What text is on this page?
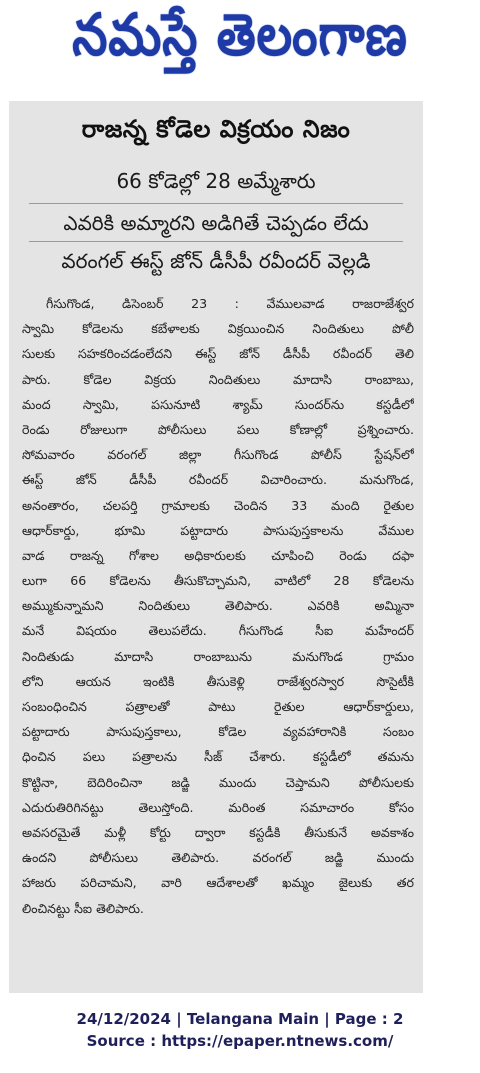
నమస్తే తెలంగాణ
రాజన్న కోడెల విక్రయం నిజం
66 కోడెల్లో 28 అమ్మేశారు
ఎవరికి అమ్మారని అడిగితే చెప్పడం లేదు
వరంగల్ ఈస్ట్ జోన్ డీసీపీ రవీందర్ వెల్లడి
గీసుగొండ, డిసెంబర్ 23 : వేములవాడ రాజరాజేశ్వర
స్వామి కోడెలను కబేళాలకు విక్రయించిన నిందితులు పోలీ
సులకు సహకరించడంలేదని ఈస్ట్ జోన్ డీసీపీ రవీందర్ తెలి
పారు. కోడెల విక్రయ నిందితులు మాదాసి రాంబాబు,
మంద స్వామి, పసునూటి శ్యామ్ సుందర్‌ను కస్టడీలో
రెండు రోజులుగా పోలీసులు పలు కోణాల్లో ప్రశ్నించారు.
సోమవారం వరంగల్ జిల్లా గీసుగొండ పోలీస్ స్టేషన్‌లో
ఈస్ట్ జోన్ డీసీపీ రవీందర్ విచారించారు. మనుగొండ,
అనంతారం, చలపర్తి గ్రామాలకు చెందిన 33 మంది రైతుల
ఆధార్‌కార్డు, భూమి పట్టాదారు పాసుపుస్తకాలను వేముల
వాడ రాజన్న గోశాల అధికారులకు చూపించి రెండు దఫా
లుగా 66 కోడెలను తీసుకొచ్చామని, వాటిలో 28 కోడెలను
అమ్ముకున్నామని నిందితులు తెలిపారు. ఎవరికి అమ్మినా
మనే విషయం తెలుపలేదు. గీసుగొండ సీఐ మహేందర్
నిందితుడు మాదాసి రాంబాబును మనుగొండ గ్రామం
లోని ఆయన ఇంటికి తీసుకెళ్లి రాజేశ్వరస్వార సొసైటీకి
సంబంధించిన పత్రాలతో పాటు రైతుల ఆధార్‌కార్డులు,
పట్టాదారు పాసుపుస్తకాలు, కోడెల వ్యవహారానికి సంబం
ధించిన పలు పత్రాలను సీజ్ చేశారు. కస్టడీలో తమను
కొట్టినా, బెదిరించినా జడ్జి ముందు చెప్తామని పోలీసులకు
ఎదురుతిరిగినట్టు తెలుస్తోంది. మరింత సమాచారం కోసం
అవసరమైతే మళ్లీ కోర్టు ద్వారా కస్టడీకి తీసుకునే అవకాశం
ఉందని పోలీసులు తెలిపారు. వరంగల్ జడ్జి ముందు
హాజరు పరిచామని, వారి ఆదేశాలతో ఖమ్మం జైలుకు తర
లించినట్టు సీఐ తెలిపారు.
24/12/2024 | Telangana Main | Page : 2
Source : https://epaper.ntnews.com/
